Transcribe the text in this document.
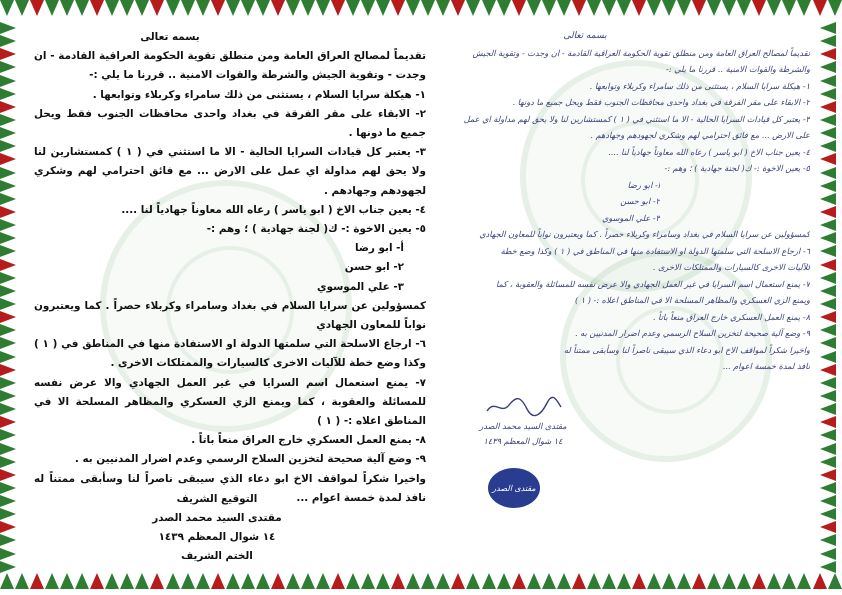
بسمه تعالى

تقديماً لمصالح العراق العامة ومن منطلق تقوية الحكومة العراقية القادمة - ان وجدت - وتقوية الجيش والشرطة والقوات الامنية .. قررنا ما يلي :-

١- هيكلة سرايا السلام ، يستثنى من ذلك سامراء وكربلاء وتوابعها .

٢- الابقاء على مقر الفرقة في بغداد واحدى محافظات الجنوب فقط ويحل جميع ما دونها .

٣- يعتبر كل قيادات السرايا الحالية - الا ما استثني في ( ١ ) كمستشارين لنا ولا يحق لهم مداولة اي عمل على الارض ... مع فائق احترامي لهم وشكري لجهودهم وجهادهم .

٤- يعين جناب الاخ ( ابو ياسر ) رعاه الله معاوناً جهادياً لنا ....

٥- يعين الاخوة :- ك( لجنة جهادية ) ؛ وهم :-

أ- ابو رضا

٢- ابو حسن

٣- علي الموسوي

كمسؤولين عن سرايا السلام في بغداد وسامراء وكربلاء حصراً . كما ويعتبرون نواباً للمعاون الجهادي

٦- ارجاع الاسلحة التي سلمتها الدولة او الاستفادة منها في المناطق في ( ١ ) وكذا وضع خطة للآليات الاخرى كالسيارات والممتلكات الاخرى .

٧- يمنع استعمال اسم السرايا في غير العمل الجهادي والا عرض نفسه للمسائلة والعقوبة ، كما ويمنع الزي العسكري والمظاهر المسلحة الا في المناطق اعلاه :- ( ١ )

٨- يمنع العمل العسكري خارج العراق منعاً باتاً .

٩- وضع آلية صحيحة لتخزين السلاح الرسمي وعدم اضرار المدنيين به .

واخيرا شكراً لمواقف الاخ ابو دعاء الذي سيبقى ناصراً لنا وسأبقى ممتناً له نافذ لمدة خمسة اعوام ...

التوقيع الشريف
مقتدى السيد محمد الصدر
١٤ شوال المعظم ١٤٣٩
الختم الشريف

بسمه تعالى

تقديماً لمصالح العراق العامة ومن منطلق تقوية الحكومة العراقية القادمة - ان وجدت - وتقوية الجيش

والشرطة والقوات الامنية .. قررنا ما يلي :-

١- هيكلة سرايا السلام ، يستثنى من ذلك سامراء وكربلاء وتوابعها .

٢- الابقاء على مقر الفرقة في بغداد واحدى محافظات الجنوب فقط ويحل جميع ما دونها .

٣- يعتبر كل قيادات السرايا الحالية - الا ما استثني في ( ١ ) كمستشارين لنا ولا يحق لهم مداولة اي عمل

على الارض ... مع فائق احترامي لهم وشكري لجهودهم وجهادهم .

٤- يعين جناب الاخ ( ابو ياسر ) رعاه الله معاوناً جهادياً لنا ....

٥- يعين الاخوة :- ك( لجنة جهادية ) ؛ وهم :-

أ- ابو رضا

٢- ابو حسن

٣- علي الموسوي

كمسؤولين عن سرايا السلام في بغداد وسامراء وكربلاء حصراً . كما ويعتبرون نواباً للمعاون الجهادي

٦- ارجاع الاسلحة التي سلمتها الدولة او الاستفادة منها في المناطق في ( ١ ) وكذا وضع خطة

للآليات الاخرى كالسيارات والممتلكات الاخرى .

٧- يمنع استعمال اسم السرايا في غير العمل الجهادي والا عرض نفسه للمسائلة والعقوبة ، كما

ويمنع الزي العسكري والمظاهر المسلحة الا في المناطق اعلاه :- ( ١ )

٨- يمنع العمل العسكري خارج العراق منعاً باتاً .

٩- وضع آلية صحيحة لتخزين السلاح الرسمي وعدم اضرار المدنيين به .

واخيرا شكراً لمواقف الاخ ابو دعاء الذي سيبقى ناصراً لنا وسأبقى ممتناً له

نافذ لمدة خمسة اعوام ...

مقتدى السيد محمد الصدر
١٤ شوال المعظم ١٤٣٩
مقتدى الصدر
